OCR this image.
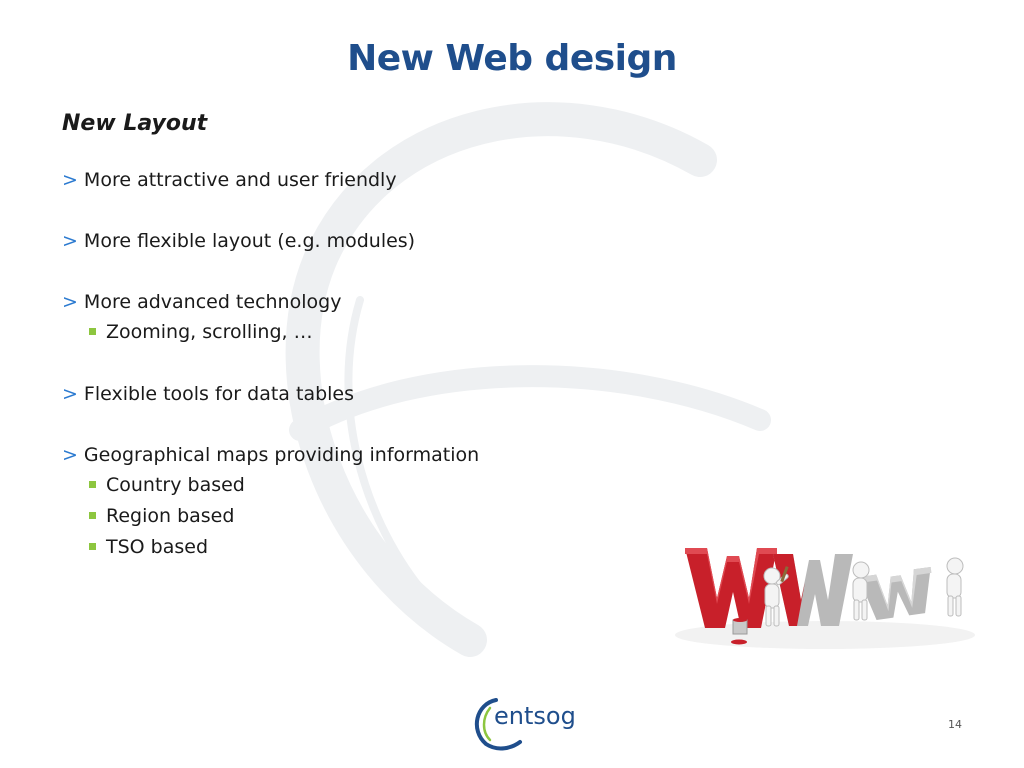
New Web design
New Layout
> More attractive and user friendly
> More flexible layout (e.g. modules)
> More advanced technology
Zooming, scrolling, …
> Flexible tools for data tables
> Geographical maps providing information
Country based
Region based
TSO based
entsog	14
